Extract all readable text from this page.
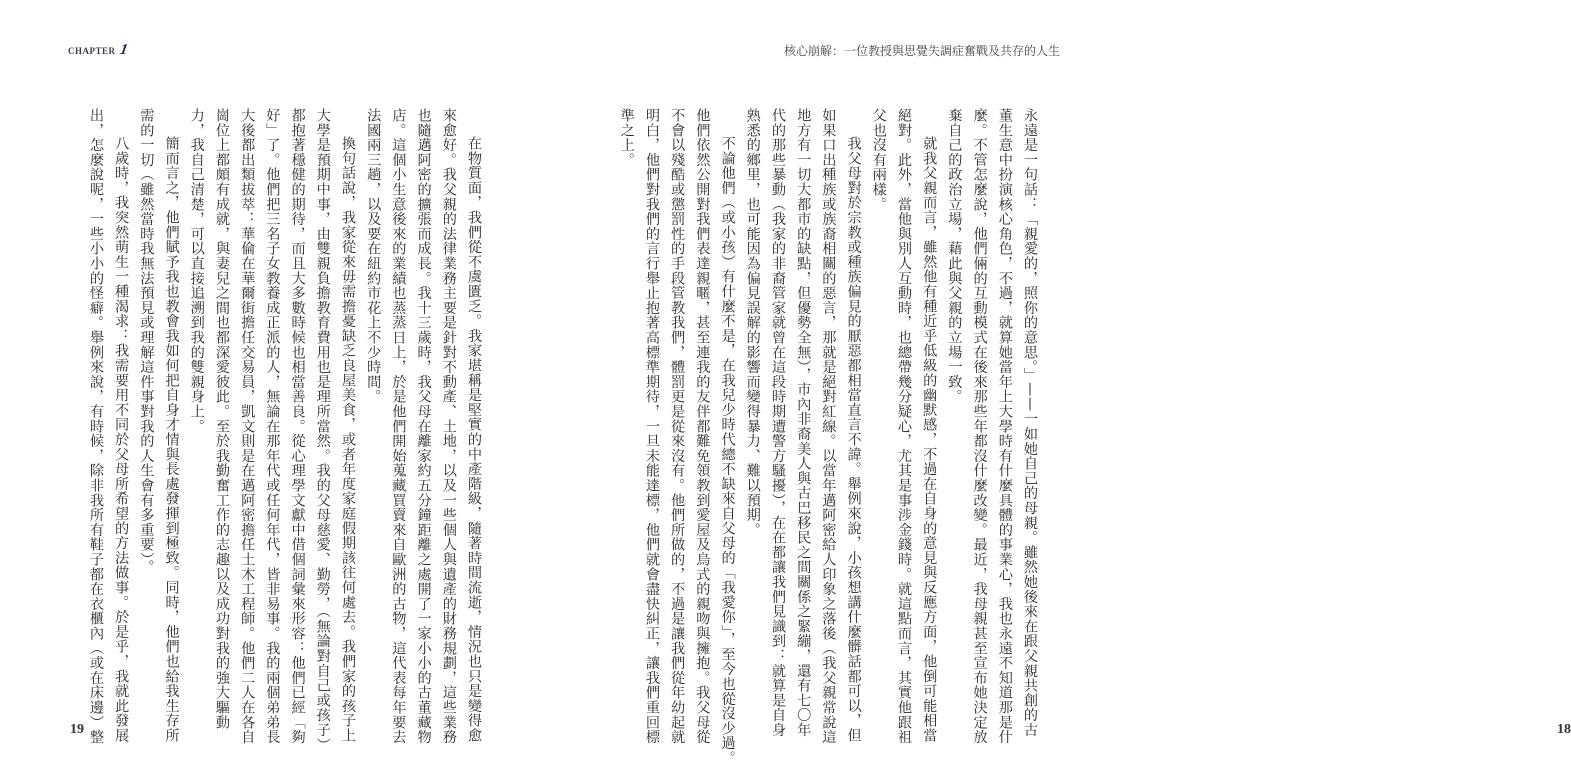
CHAPTER 1
在物質面，我們從不虞匱乏。我家堪稱是堅實的中產階級，隨著時間流逝，情況也只是變得愈
來愈好。我父親的法律業務主要是針對不動產、土地，以及一些個人與遺產的財務規劃，這些業務
也隨邁阿密的擴張而成長。我十三歲時，我父母在離家約五分鐘距離之處開了一家小小的古董藏物
店。這個小生意後來的業績也蒸蒸日上，於是他們開始蒐藏買賣來自歐洲的古物，這代表每年要去
法國兩三趟，以及要在紐約市花上不少時間。
換句話說，我家從來毋需擔憂缺乏良屋美食，或者年度家庭假期該往何處去。我們家的孩子上
大學是預期中事，由雙親負擔教育費用也是理所當然。我的父母慈愛、勤勞，（無論對自己或孩子）
都抱著穩健的期待，而且大多數時候也相當善良。從心理學文獻中借個詞彙來形容：他們已經「夠
好」了。他們把三名子女教養成正派的人，無論在那年代或任何年代，皆非易事。我的兩個弟弟長
大後都出類拔萃：華倫在華爾街擔任交易員，凱文則是在邁阿密擔任土木工程師。他們二人在各自
崗位上都頗有成就，與妻兒之間也都深愛彼此。至於我勤奮工作的志趣以及成功對我的強大驅動
力，我自己清楚，可以直接追溯到我的雙親身上。
簡而言之，他們賦予我也教會我如何把自身才情與長處發揮到極致。同時，他們也給我生存所
需的一切（雖然當時我無法預見或理解這件事對我的人生會有多重要）。
八歲時，我突然萌生一種渴求：我需要用不同於父母所希望的方法做事。於是乎，我就此發展
出，怎麼說呢，一些小小的怪癖。舉例來說，有時候，除非我所有鞋子都在衣櫃內（或在床邊）整
19
核心崩解：一位教授與思覺失調症奮戰及共存的人生
永遠是一句話：「親愛的，照你的意思。」——一如她自己的母親。雖然她後來在跟父親共創的古
董生意中扮演核心角色，不過，就算她當年上大學時有什麼具體的事業心，我也永遠不知道那是什
麼。不管怎麼說，他們倆的互動模式在後來那些年都沒什麼改變。最近，我母親甚至宣布她決定放
棄自己的政治立場，藉此與父親的立場一致。
就我父親而言，雖然他有種近乎低級的幽默感，不過在自身的意見與反應方面，他倒可能相當
絕對。此外，當他與別人互動時，也總帶幾分疑心，尤其是事涉金錢時。就這點而言，其實他跟祖
父也沒有兩樣。
我父母對於宗教或種族偏見的厭惡都相當直言不諱。舉例來說，小孩想講什麼髒話都可以，但
如果口出種族或族裔相關的惡言，那就是絕對紅線。以當年邁阿密給人印象之落後（我父親常說這
地方有一切大都市的缺點，但優勢全無），市內非裔美人與古巴移民之間關係之緊繃，還有七〇年
代的那些暴動（我家的非裔管家就曾在這段時期遭警方騷擾），在在都讓我們見識到：就算是自身
熟悉的鄉里，也可能因為偏見誤解的影響而變得暴力、難以預期。
不論他們（或小孩）有什麼不是，在我兒少時代總不缺來自父母的「我愛你」，至今也從沒少過。
他們依然公開對我們表達親暱，甚至連我的友伴都難免領教到愛屋及烏式的親吻與擁抱。我父母從
不會以殘酷或懲罰性的手段管教我們，體罰更是從來沒有。他們所做的，不過是讓我們從年幼起就
明白，他們對我們的言行舉止抱著高標準期待，一旦未能達標，他們就會盡快糾正，讓我們重回標
準之上。
18
